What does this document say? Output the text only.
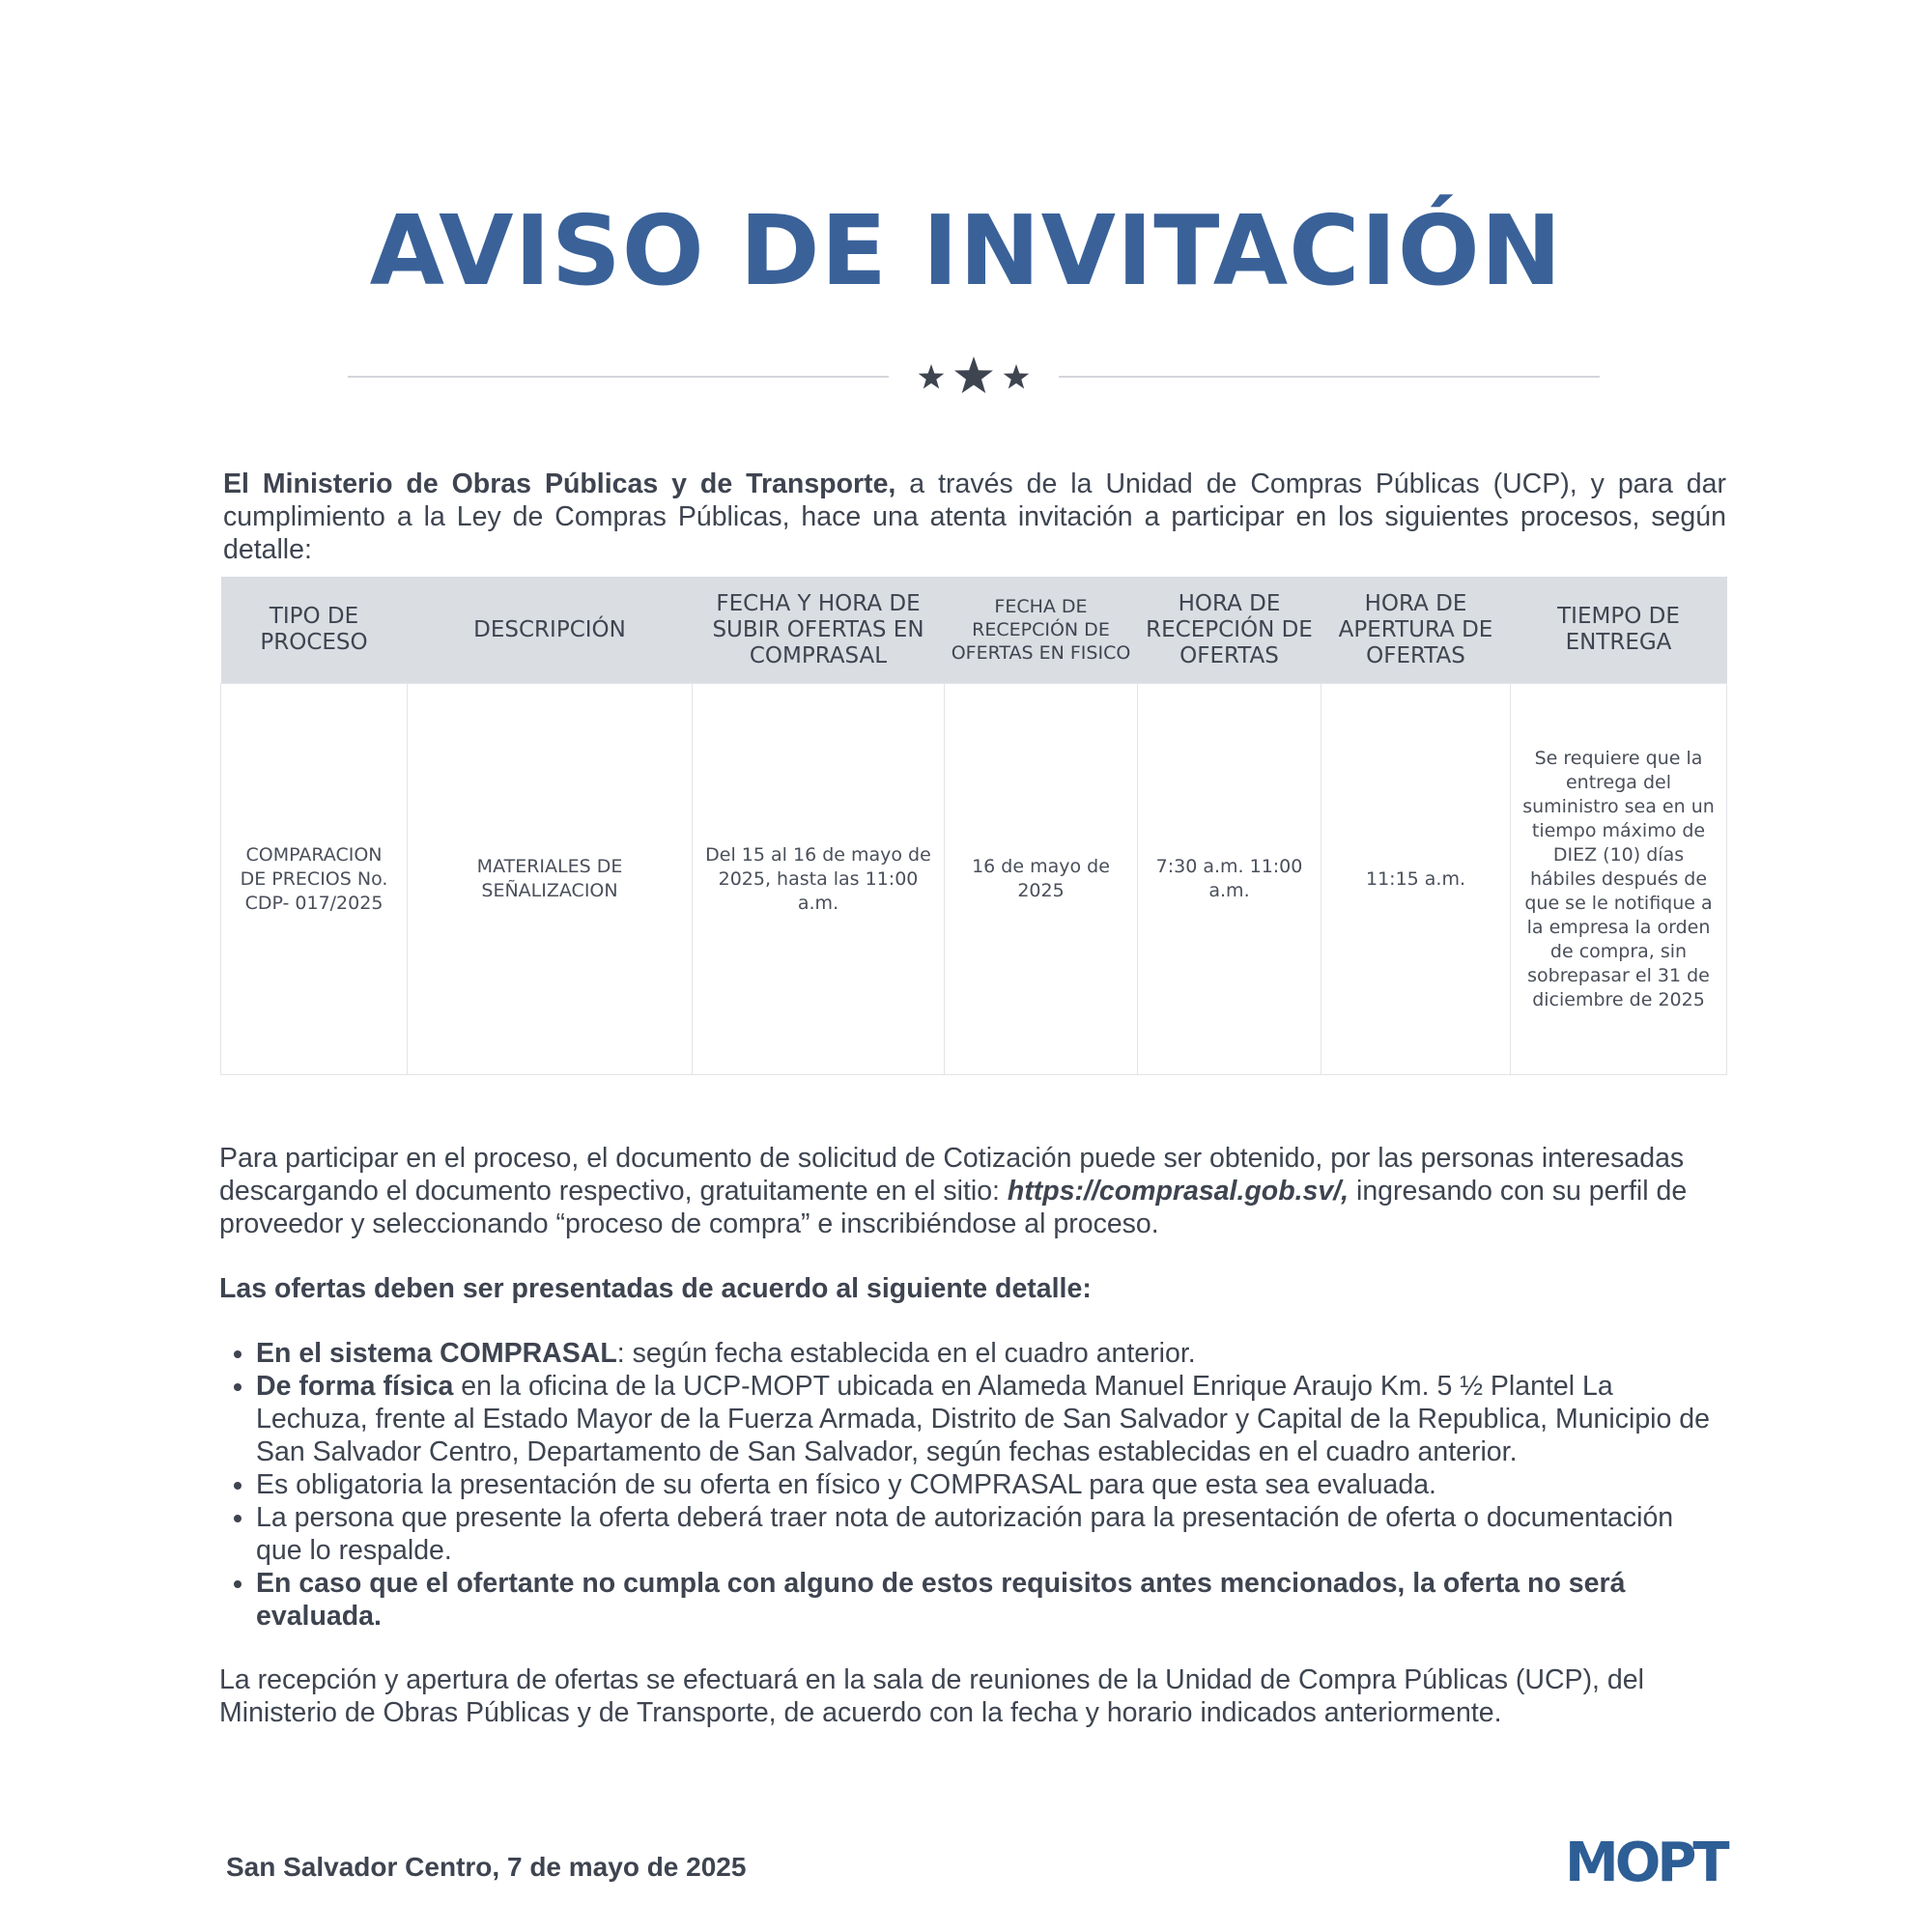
AVISO DE INVITACIÓN

El Ministerio de Obras Públicas y de Transporte, a través de la Unidad de Compras Públicas (UCP), y para dar cumplimiento a la Ley de Compras Públicas, hace una atenta invitación a participar en los siguientes procesos, según detalle:

TIPO DE PROCESO	DESCRIPCIÓN	FECHA Y HORA DE SUBIR OFERTAS EN COMPRASAL	FECHA DE RECEPCIÓN DE OFERTAS EN FISICO	HORA DE RECEPCIÓN DE OFERTAS	HORA DE APERTURA DE OFERTAS	TIEMPO DE ENTREGA
COMPARACION DE PRECIOS No. CDP- 017/2025	MATERIALES DE SEÑALIZACION	Del 15 al 16 de mayo de 2025, hasta las 11:00 a.m.	16 de mayo de 2025	7:30 a.m. 11:00 a.m.	11:15 a.m.	Se requiere que la entrega del suministro sea en un tiempo máximo de DIEZ (10) días hábiles después de que se le notifique a la empresa la orden de compra, sin sobrepasar el 31 de diciembre de 2025

Para participar en el proceso, el documento de solicitud de Cotización puede ser obtenido, por las personas interesadas descargando el documento respectivo, gratuitamente en el sitio: https://comprasal.gob.sv/, ingresando con su perfil de proveedor y seleccionando “proceso de compra” e inscribiéndose al proceso.

Las ofertas deben ser presentadas de acuerdo al siguiente detalle:

• En el sistema COMPRASAL: según fecha establecida en el cuadro anterior.
• De forma física en la oficina de la UCP-MOPT ubicada en Alameda Manuel Enrique Araujo Km. 5 ½ Plantel La Lechuza, frente al Estado Mayor de la Fuerza Armada, Distrito de San Salvador y Capital de la Republica, Municipio de San Salvador Centro, Departamento de San Salvador, según fechas establecidas en el cuadro anterior.
• Es obligatoria la presentación de su oferta en físico y COMPRASAL para que esta sea evaluada.
• La persona que presente la oferta deberá traer nota de autorización para la presentación de oferta o documentación que lo respalde.
• En caso que el ofertante no cumpla con alguno de estos requisitos antes mencionados, la oferta no será evaluada.

La recepción y apertura de ofertas se efectuará en la sala de reuniones de la Unidad de Compra Públicas (UCP), del Ministerio de Obras Públicas y de Transporte, de acuerdo con la fecha y horario indicados anteriormente.

San Salvador Centro, 7 de mayo de 2025	MOPT
